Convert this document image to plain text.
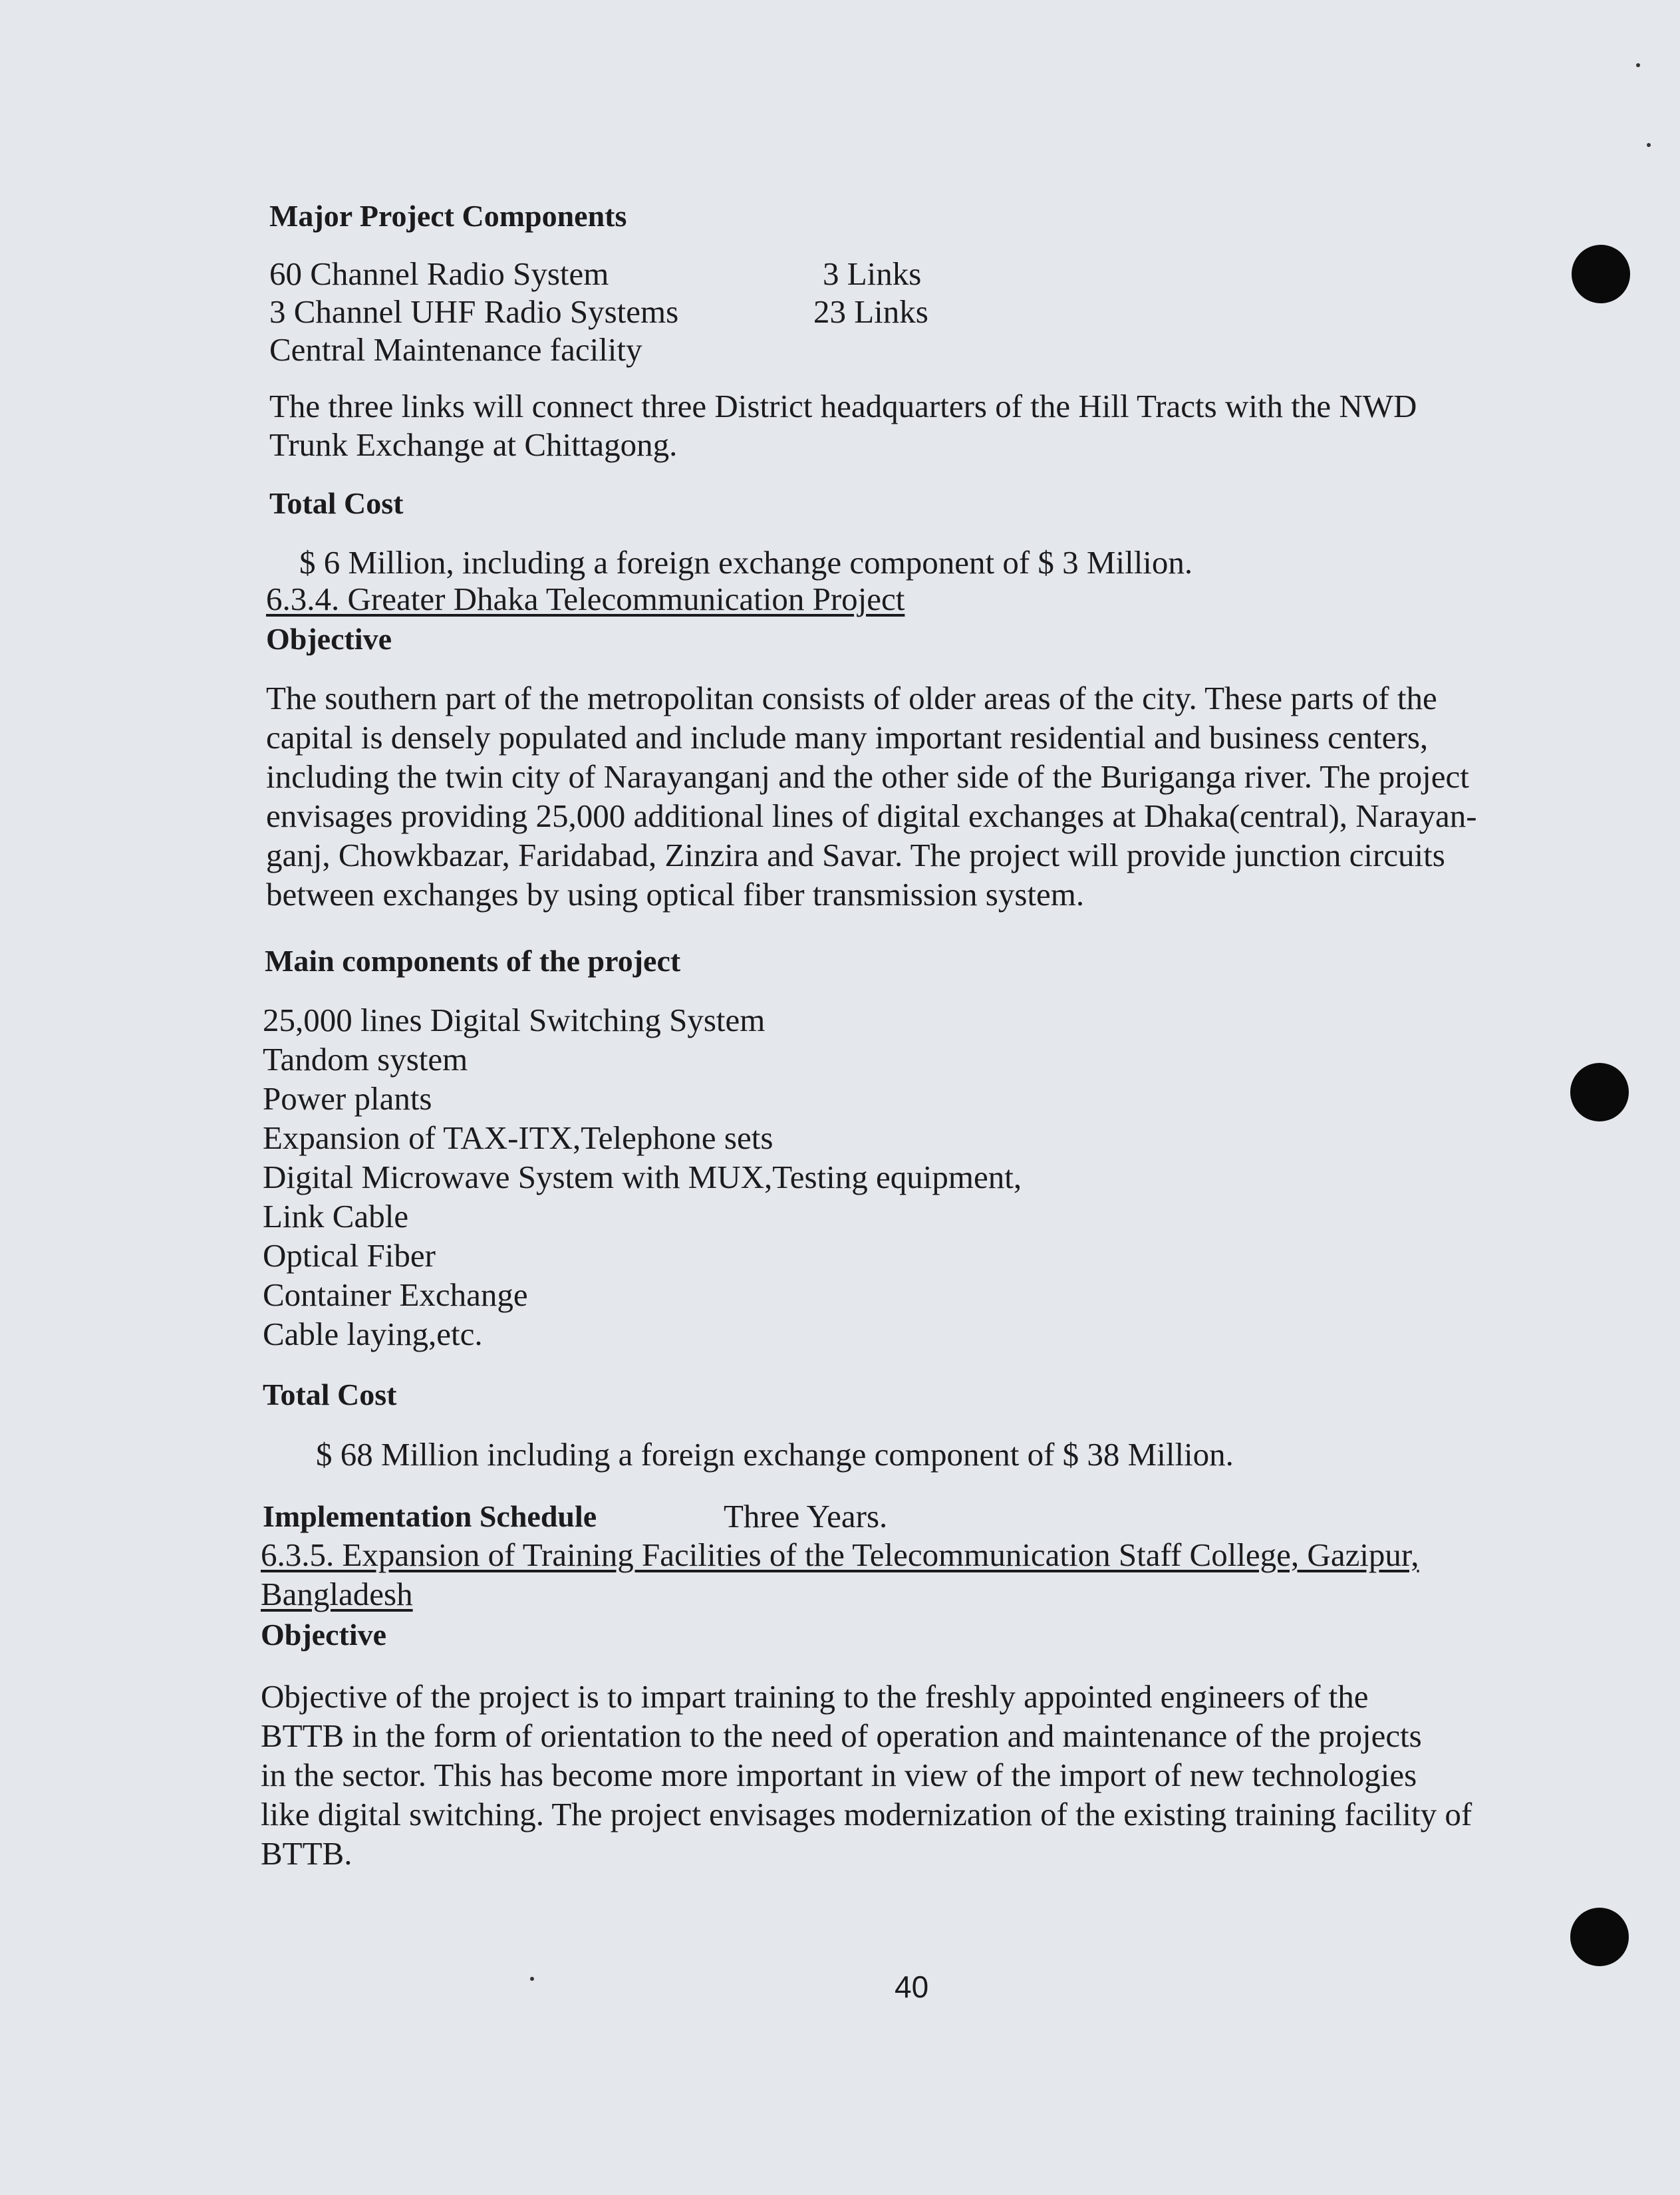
Major Project Components
60 Channel Radio System	3 Links
3 Channel UHF Radio Systems	23 Links
Central Maintenance facility
The three links will connect three District headquarters of the Hill Tracts with the NWD
Trunk Exchange at Chittagong.
Total Cost
$ 6 Million, including a foreign exchange component of $ 3 Million.
6.3.4. Greater Dhaka Telecommunication Project
Objective
The southern part of the metropolitan consists of older areas of the city. These parts of the
capital is densely populated and include many important residential and business centers,
including the twin city of Narayanganj and the other side of the Buriganga river. The project
envisages providing 25,000 additional lines of digital exchanges at Dhaka(central), Narayan-
ganj, Chowkbazar, Faridabad, Zinzira and Savar. The project will provide junction circuits
between exchanges by using optical fiber transmission system.
Main components of the project
25,000 lines Digital Switching System
Tandom system
Power plants
Expansion of TAX-ITX,Telephone sets
Digital Microwave System with MUX,Testing equipment,
Link Cable
Optical Fiber
Container Exchange
Cable laying,etc.
Total Cost
$ 68 Million including a foreign exchange component of $ 38 Million.
Implementation Schedule	Three Years.
6.3.5. Expansion of Training Facilities of the Telecommunication Staff College, Gazipur,
Bangladesh
Objective
Objective of the project is to impart training to the freshly appointed engineers of the
BTTB in the form of orientation to the need of operation and maintenance of the projects
in the sector. This has become more important in view of the import of new technologies
like digital switching. The project envisages modernization of the existing training facility of
BTTB.
40
